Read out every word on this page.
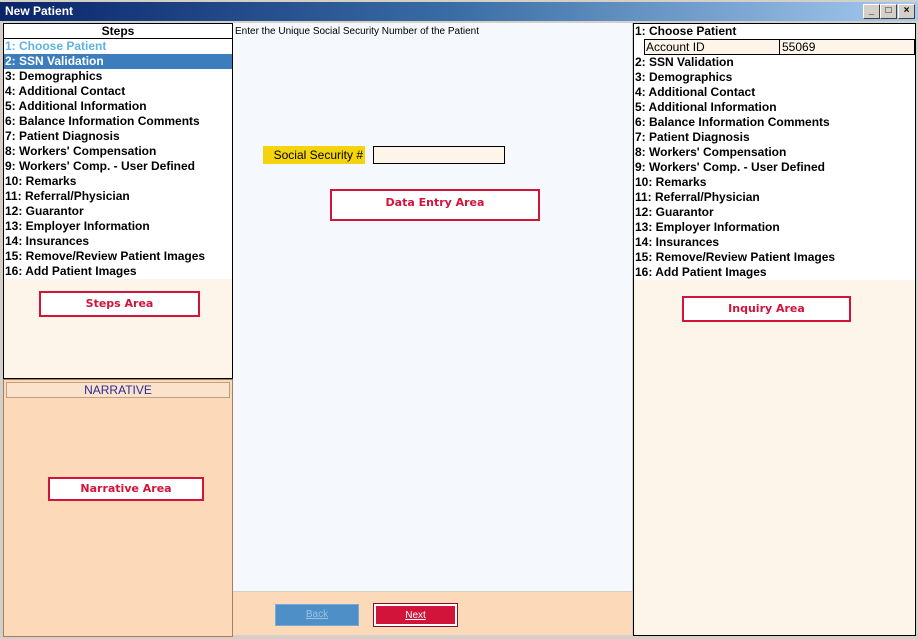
New Patient	_	□	×
Steps
1: Choose Patient
2: SSN Validation
3: Demographics
4: Additional Contact
5: Additional Information
6: Balance Information Comments
7: Patient Diagnosis
8: Workers' Compensation
9: Workers' Comp. - User Defined
10: Remarks
11: Referral/Physician
12: Guarantor
13: Employer Information
14: Insurances
15: Remove/Review Patient Images
16: Add Patient Images
Steps Area
NARRATIVE
Narrative Area
Enter the Unique Social Security Number of the Patient
Social Security #
Data Entry Area
Back	Next
1: Choose Patient
Account ID	55069
2: SSN Validation
3: Demographics
4: Additional Contact
5: Additional Information
6: Balance Information Comments
7: Patient Diagnosis
8: Workers' Compensation
9: Workers' Comp. - User Defined
10: Remarks
11: Referral/Physician
12: Guarantor
13: Employer Information
14: Insurances
15: Remove/Review Patient Images
16: Add Patient Images
Inquiry Area
